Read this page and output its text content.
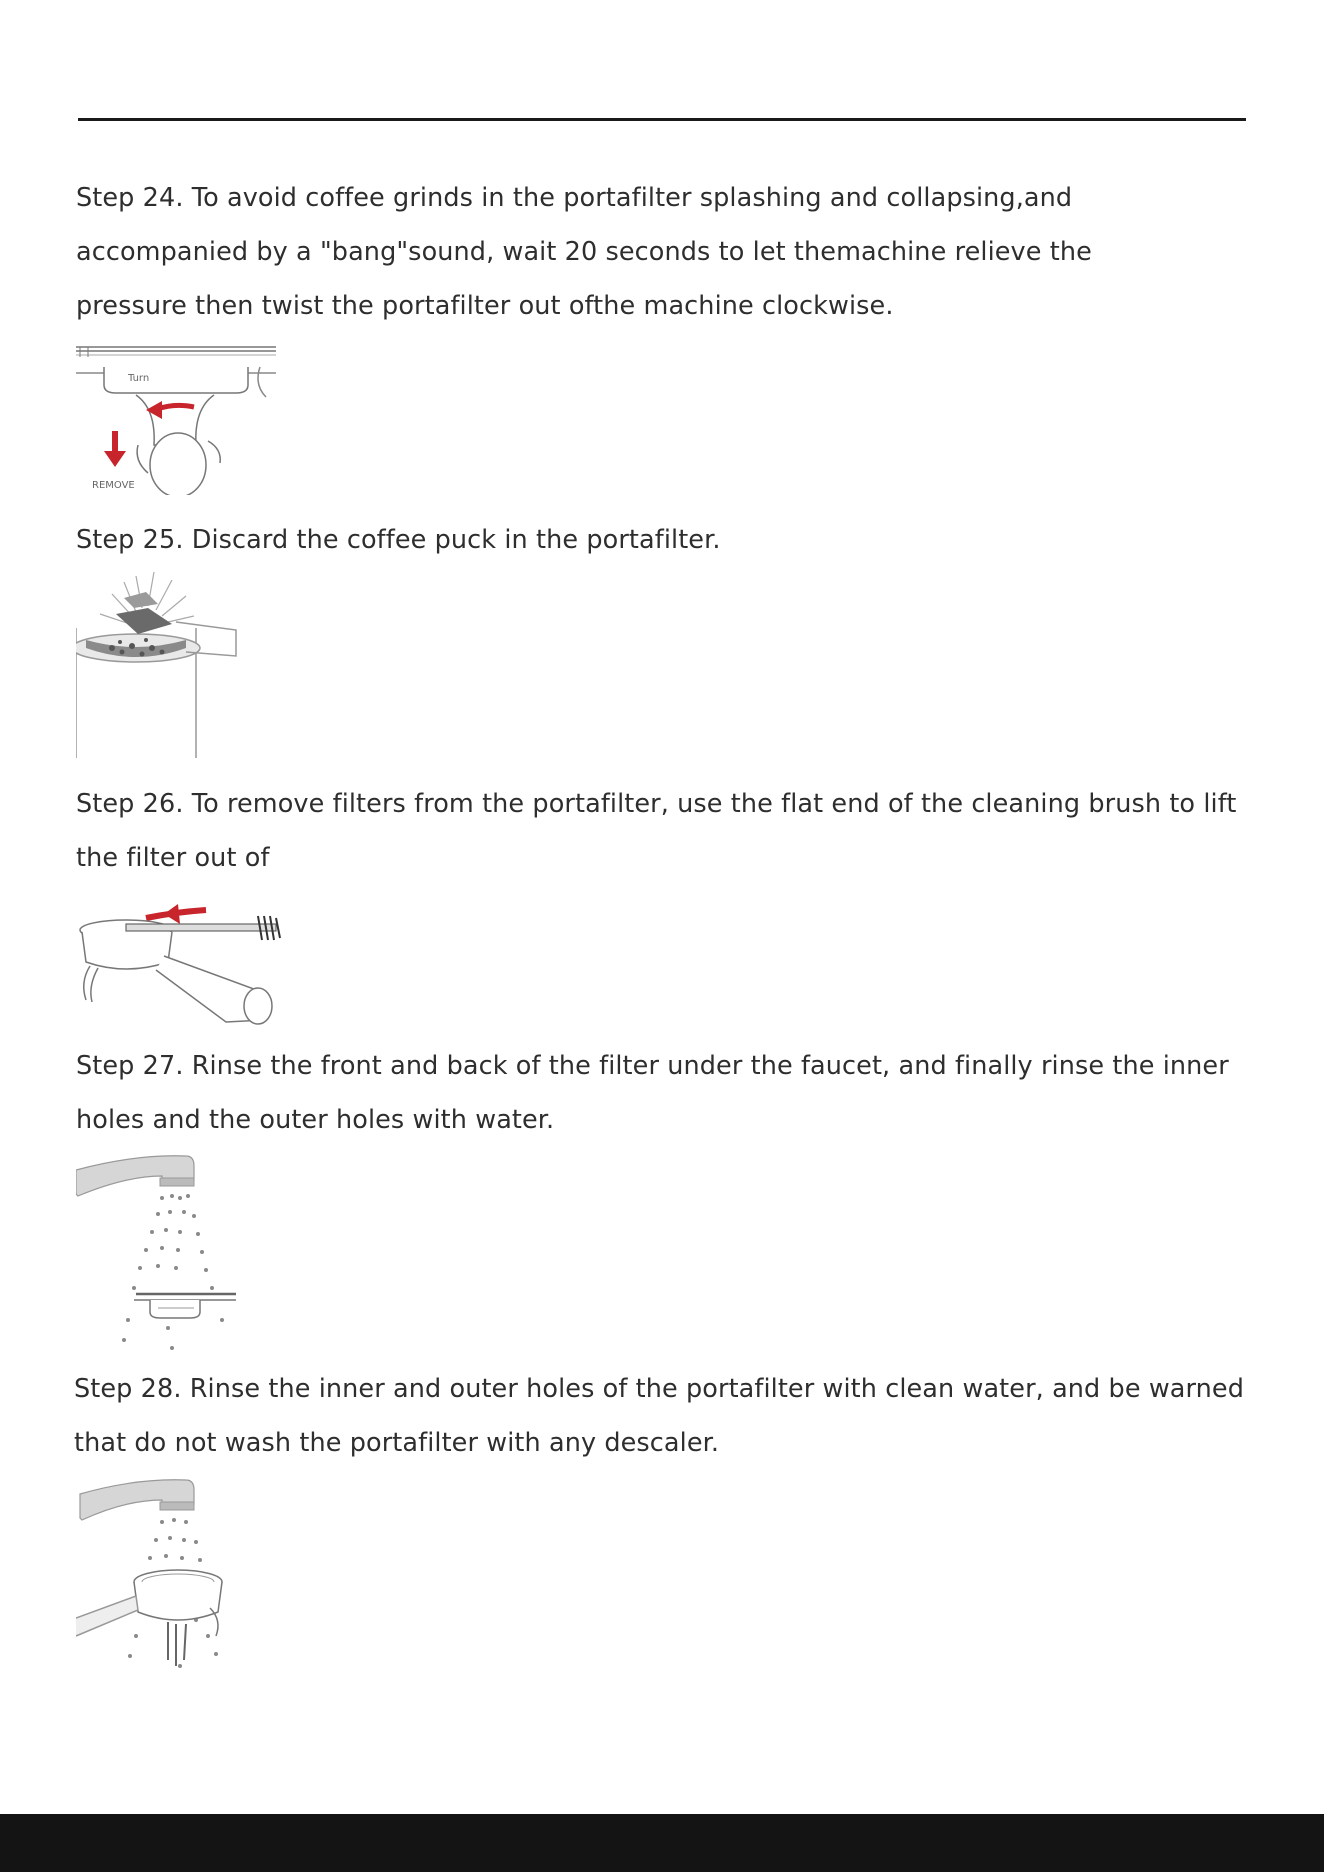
Step 24. To avoid coffee grinds in the portafilter splashing and collapsing,and accompanied by a "bang"sound, wait 20 seconds to let themachine relieve the pressure then twist the portafilter out ofthe machine clockwise.

Turn
REMOVE

Step 25. Discard the coffee puck in the portafilter.

Step 26. To remove filters from the portafilter, use the flat end of the cleaning brush to lift the filter out of

Step 27. Rinse the front and back of the filter under the faucet, and finally rinse the inner holes and the outer holes with water.

Step 28. Rinse the inner and outer holes of the portafilter with clean water, and be warned that do not wash the portafilter with any descaler.
